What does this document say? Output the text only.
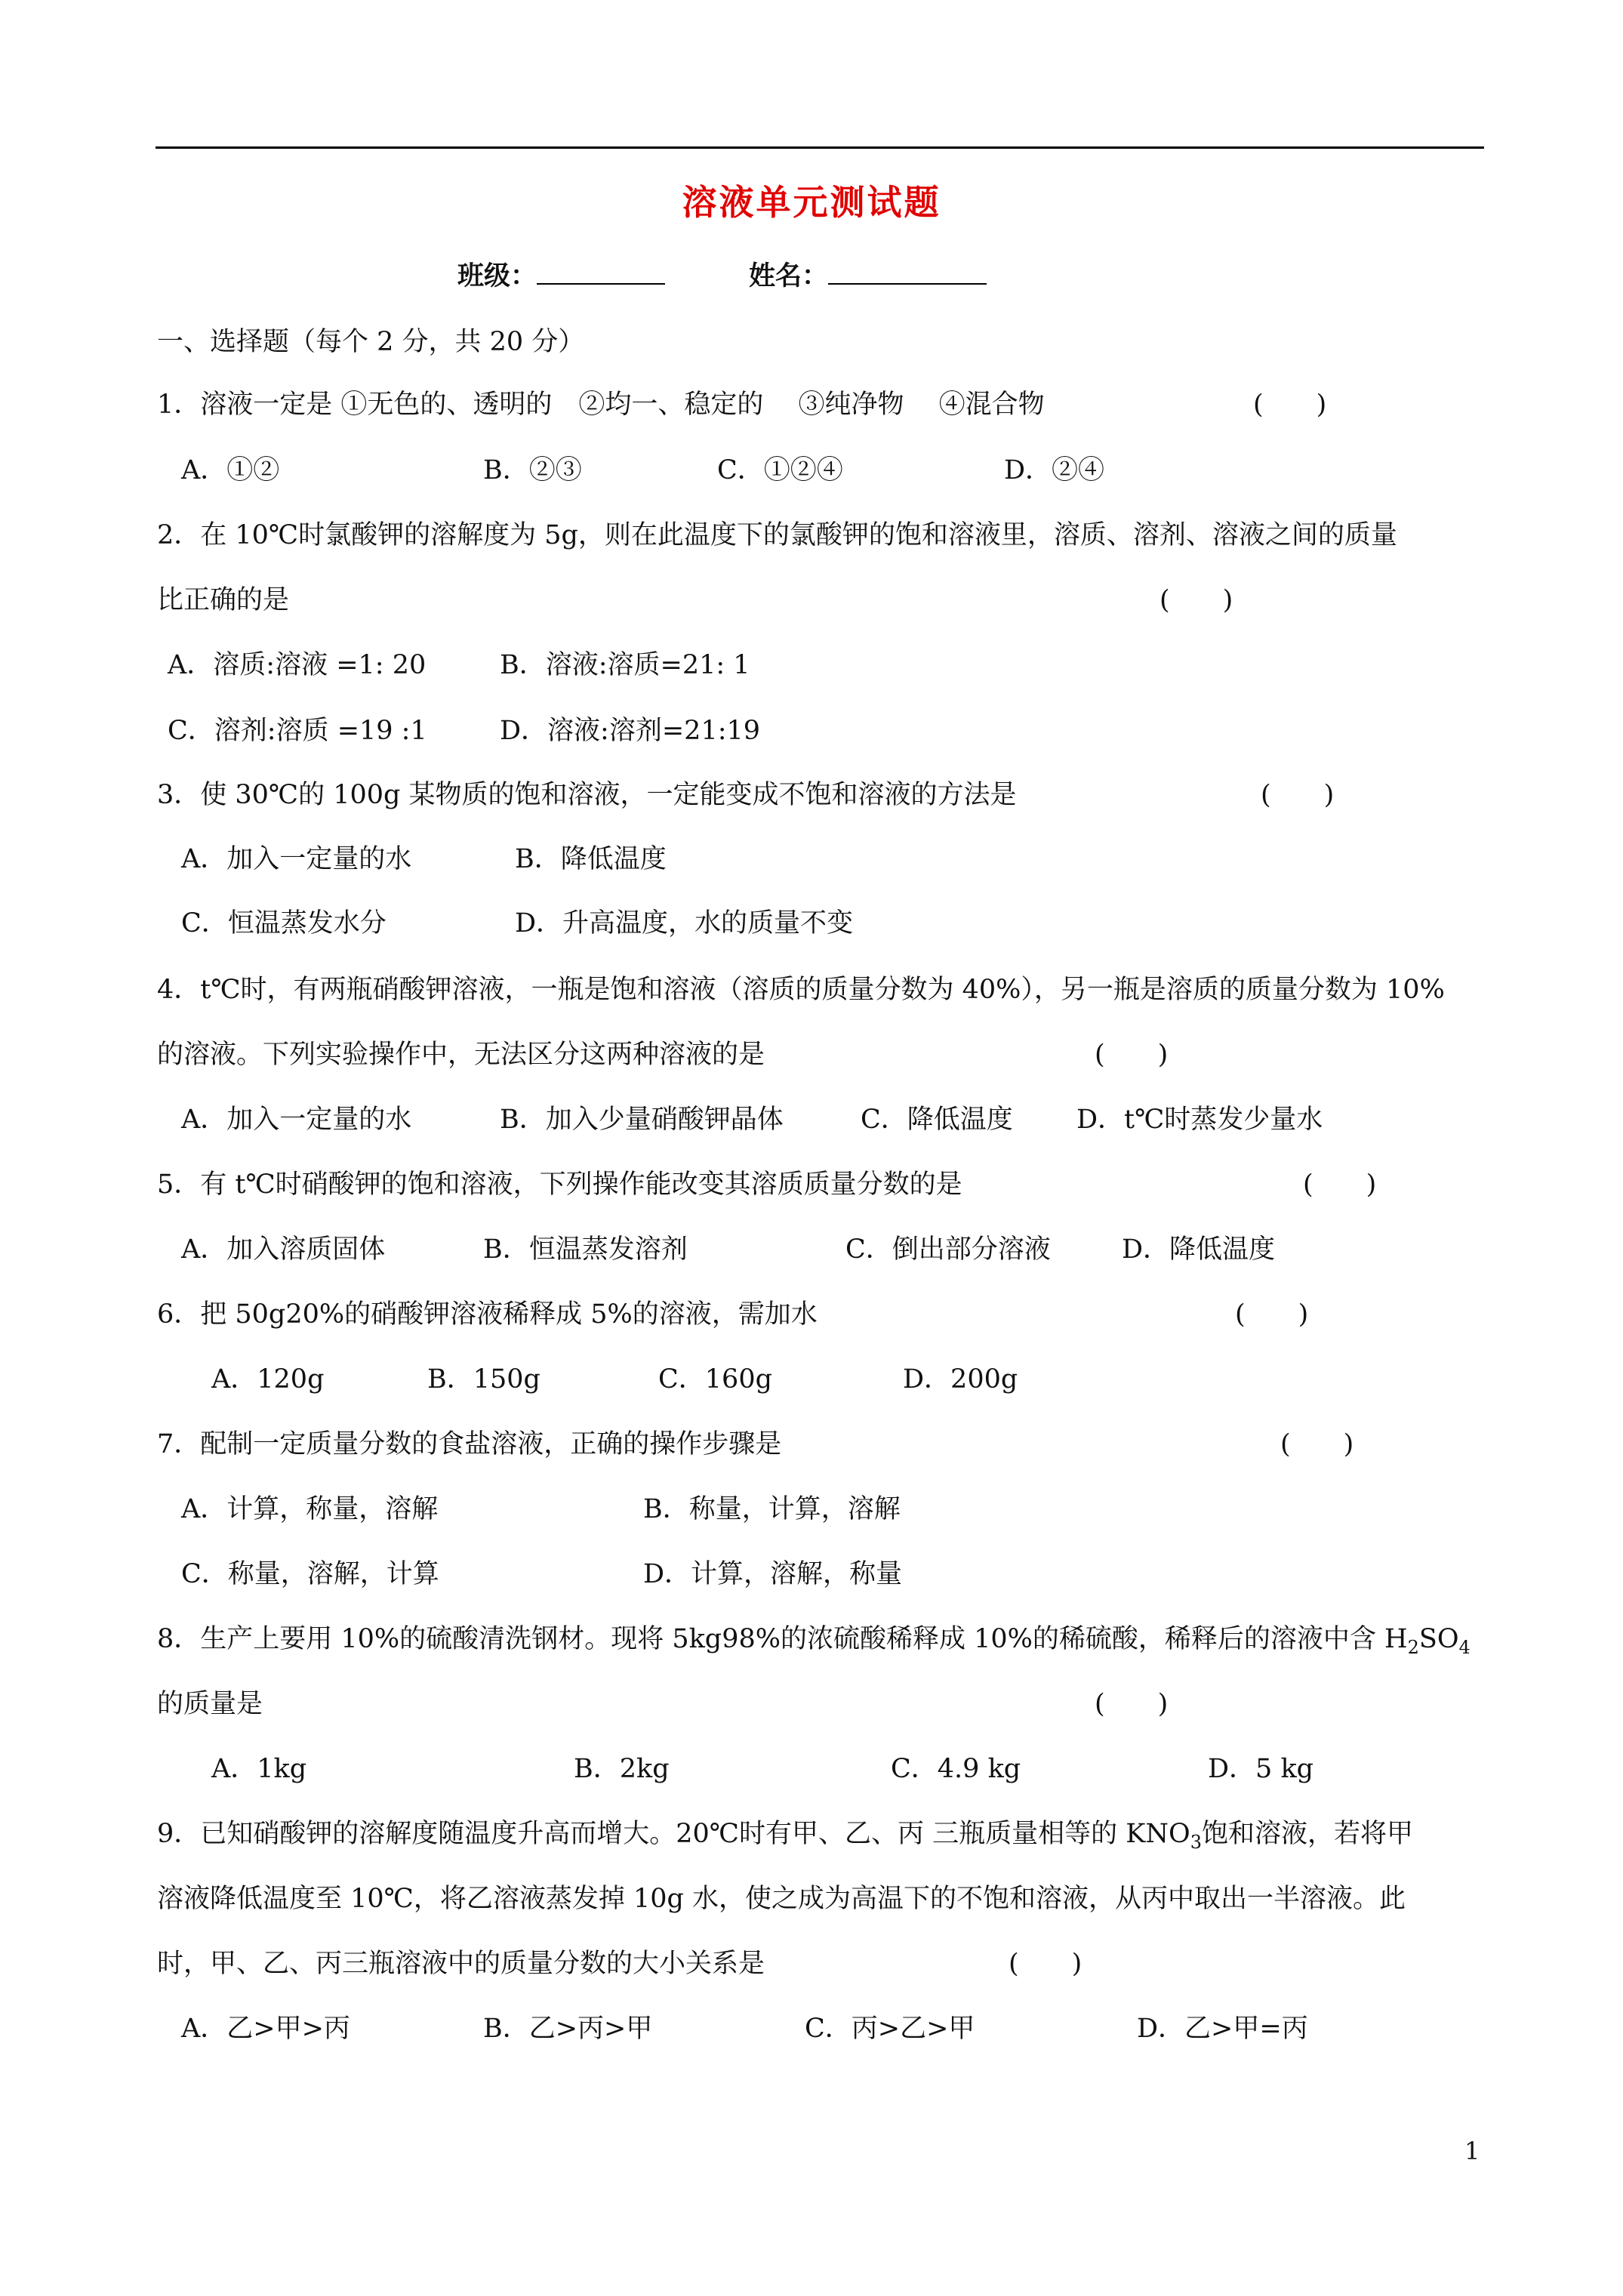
溶液单元测试题
班级：	姓名：
一、选择题（每个 2 分，共 20 分）
1．溶液一定是 ①无色的、透明的　②均一、稳定的　 ③纯净物　 ④混合物	(　　)
A．①②	B．②③	C．①②④	D．②④
2．在 10℃时氯酸钾的溶解度为 5g，则在此温度下的氯酸钾的饱和溶液里，溶质、溶剂、溶液之间的质量
比正确的是	(　　)
A．溶质:溶液 =1: 20	B．溶液:溶质=21: 1
C．溶剂:溶质 =19 :1	D．溶液:溶剂=21:19
3．使 30℃的 100g 某物质的饱和溶液，一定能变成不饱和溶液的方法是	(　　)
A．加入一定量的水	B．降低温度
C．恒温蒸发水分	D．升高温度，水的质量不变
4．t℃时，有两瓶硝酸钾溶液，一瓶是饱和溶液（溶质的质量分数为 40%），另一瓶是溶质的质量分数为 10%
的溶液。下列实验操作中，无法区分这两种溶液的是	(　　)
A．加入一定量的水	B．加入少量硝酸钾晶体	C．降低温度 D．t℃时蒸发少量水
5．有 t℃时硝酸钾的饱和溶液，下列操作能改变其溶质质量分数的是	(　　)
A．加入溶质固体	B．恒温蒸发溶剂	C．倒出部分溶液	D．降低温度
6．把 50g20%的硝酸钾溶液稀释成 5%的溶液，需加水	(　　)
A．120g	B．150g	C．160g	D．200g
7．配制一定质量分数的食盐溶液，正确的操作步骤是	(　　)
A．计算，称量，溶解	B．称量，计算，溶解
C．称量，溶解，计算	D．计算，溶解，称量
8．生产上要用 10%的硫酸清洗钢材。现将 5kg98%的浓硫酸稀释成 10%的稀硫酸，稀释后的溶液中含 $H_2SO_4$
的质量是	(　　)
A．1kg	B．2kg	C．4.9 kg	D．5 kg
9．已知硝酸钾的溶解度随温度升高而增大。20℃时有甲、乙、丙 三瓶质量相等的 $KNO_3$饱和溶液，若将甲
溶液降低温度至 10℃，将乙溶液蒸发掉 10g 水，使之成为高温下的不饱和溶液，从丙中取出一半溶液。此
时，甲、乙、丙三瓶溶液中的质量分数的大小关系是	(　　)
A．乙>甲>丙	B．乙>丙>甲	C．丙>乙>甲	D．乙>甲=丙
1
